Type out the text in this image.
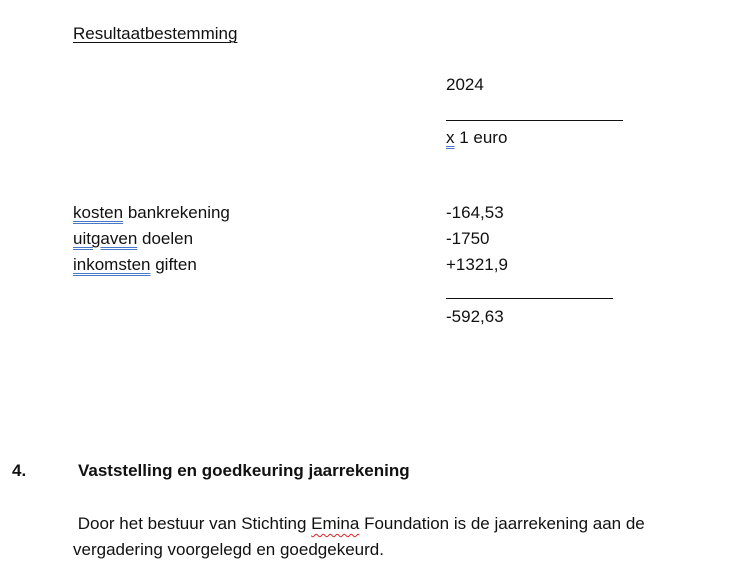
Resultaatbestemming
2024
x 1 euro
kosten bankrekening	-164,53
uitgaven doelen	-1750
inkomsten giften	+1321,9
-592,63
4.	Vaststelling en goedkeuring jaarrekening
Door het bestuur van Stichting Emina Foundation is de jaarrekening aan de vergadering voorgelegd en goedgekeurd.
